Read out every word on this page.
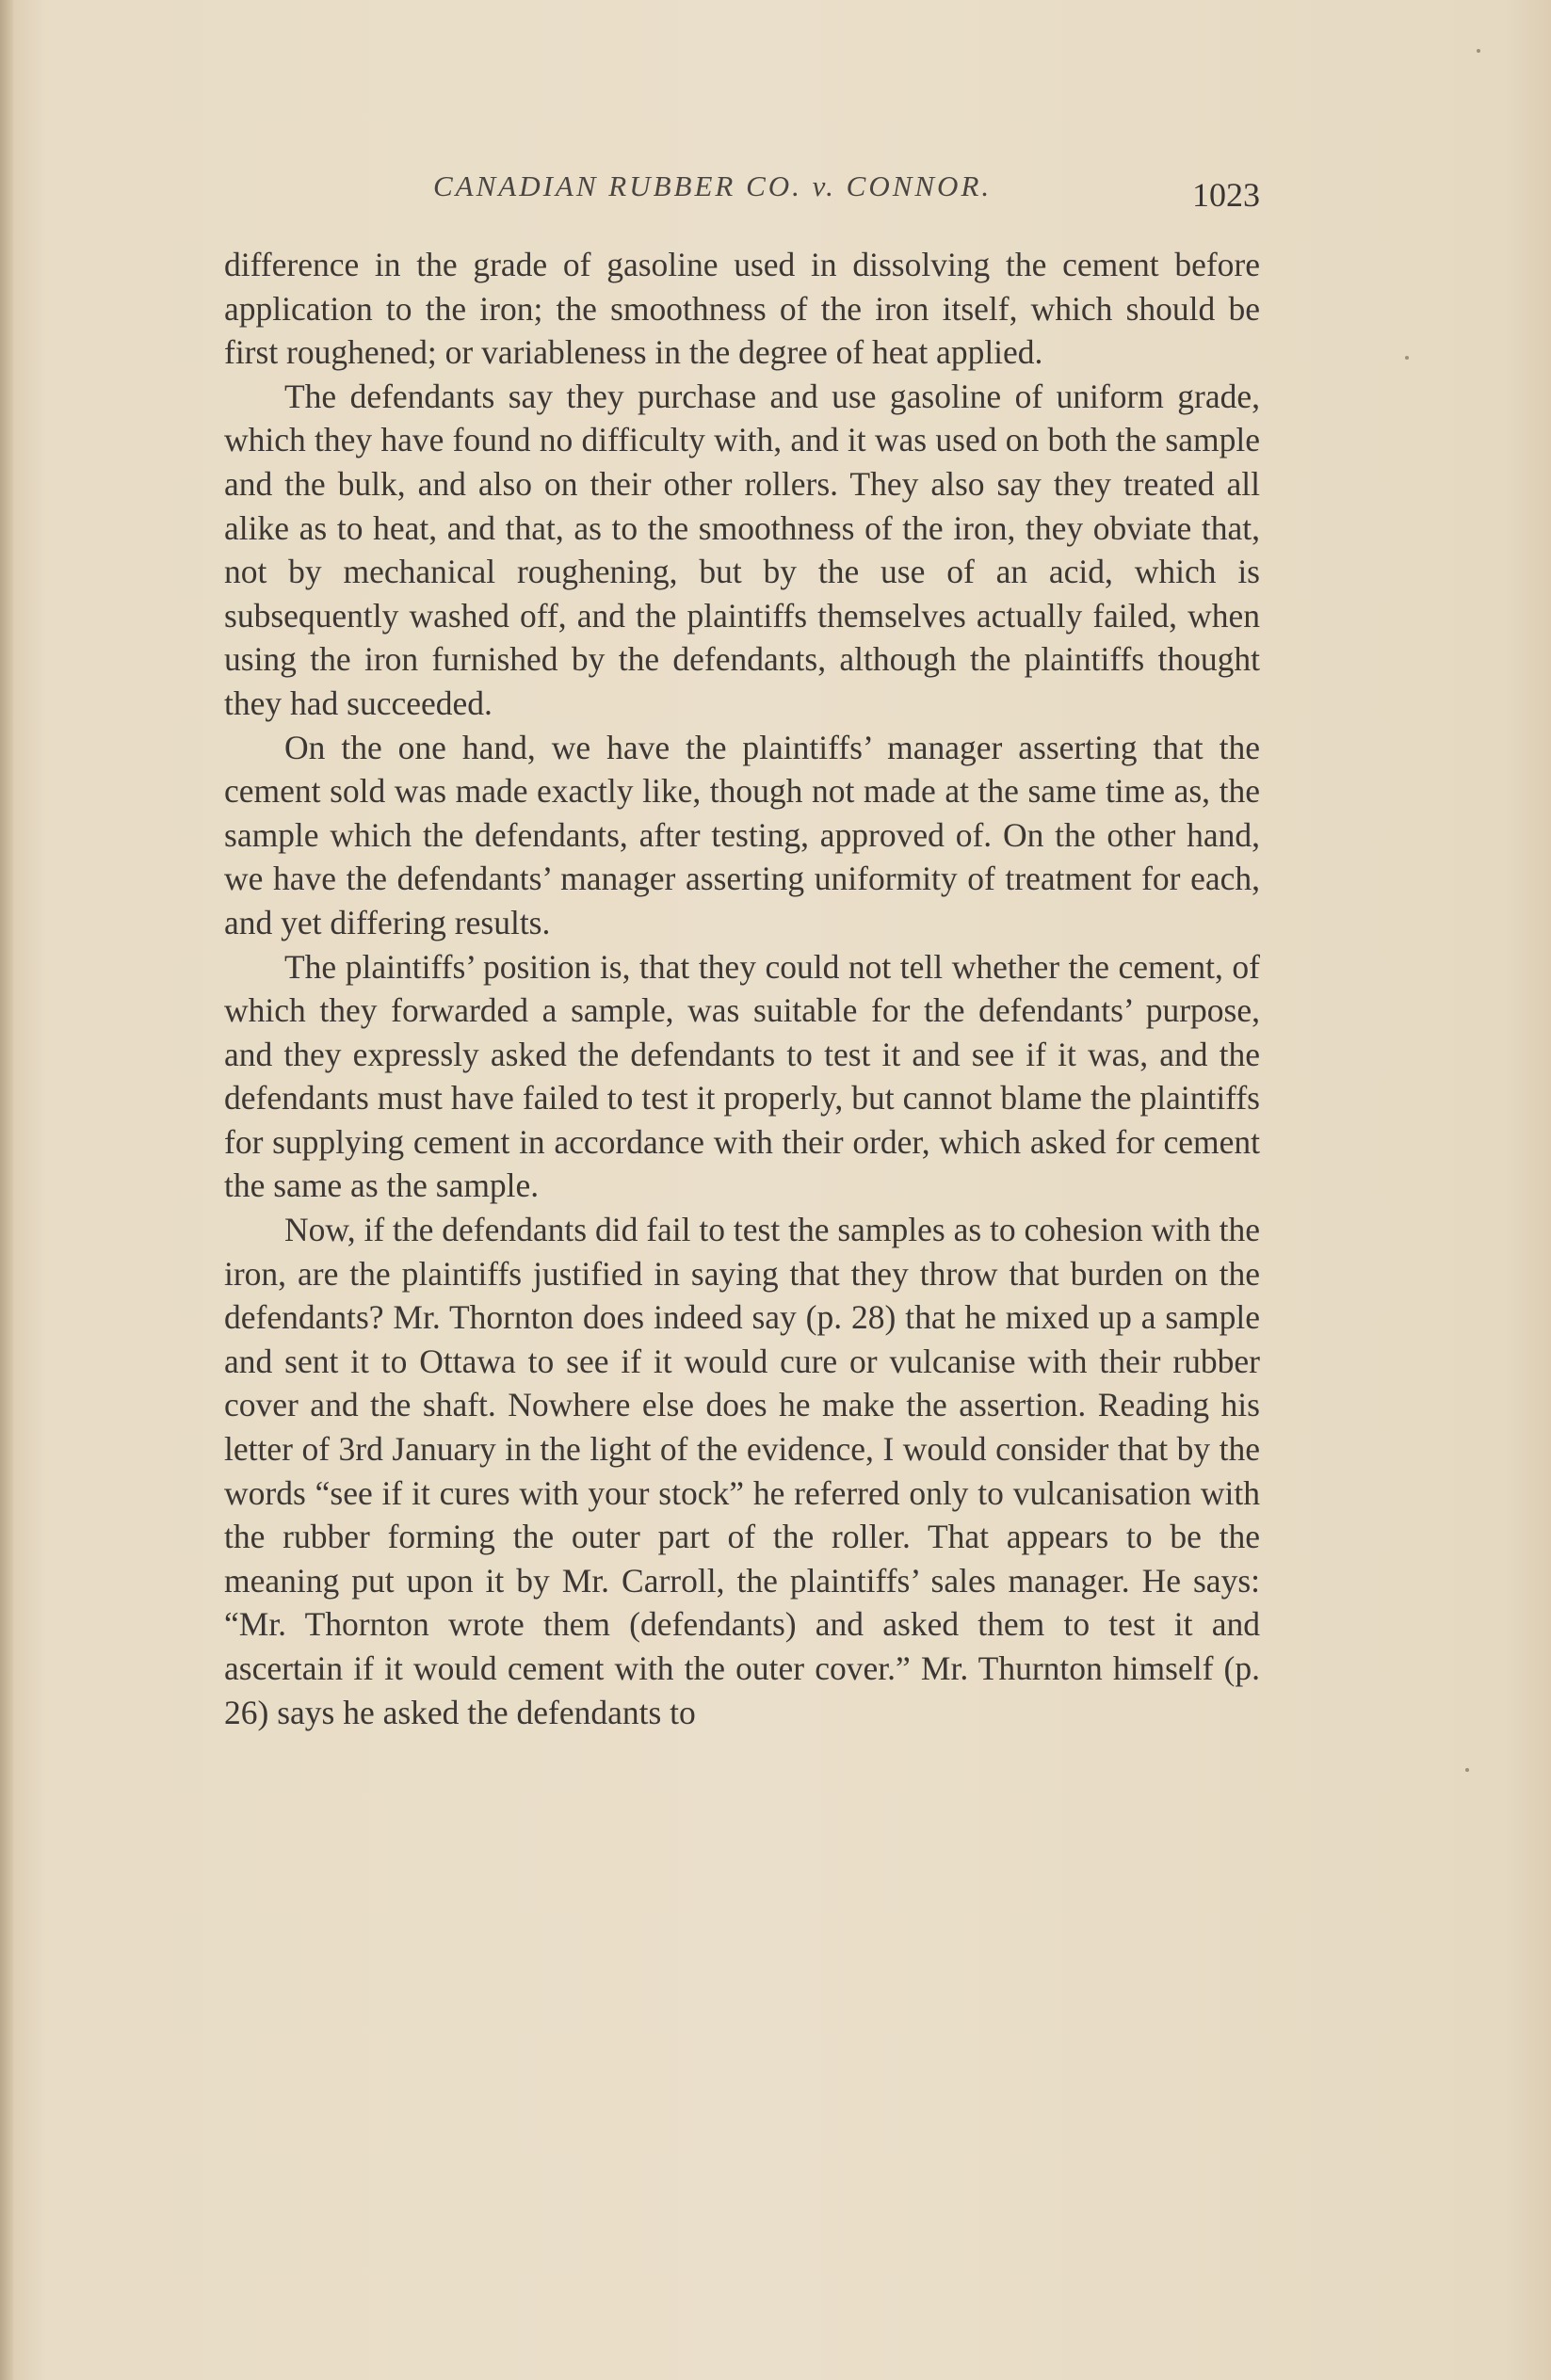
CANADIAN RUBBER CO. v. CONNOR.	1023

difference in the grade of gasoline used in dissolving the cement before application to the iron; the smoothness of the iron itself, which should be first roughened; or variableness in the degree of heat applied.

The defendants say they purchase and use gasoline of uniform grade, which they have found no difficulty with, and it was used on both the sample and the bulk, and also on their other rollers. They also say they treated all alike as to heat, and that, as to the smoothness of the iron, they obviate that, not by mechanical roughening, but by the use of an acid, which is subsequently washed off, and the plaintiffs themselves actually failed, when using the iron furnished by the defendants, although the plaintiffs thought they had succeeded.

On the one hand, we have the plaintiffs’ manager asserting that the cement sold was made exactly like, though not made at the same time as, the sample which the defendants, after testing, approved of. On the other hand, we have the defendants’ manager asserting uniformity of treatment for each, and yet differing results.

The plaintiffs’ position is, that they could not tell whether the cement, of which they forwarded a sample, was suitable for the defendants’ purpose, and they expressly asked the defendants to test it and see if it was, and the defendants must have failed to test it properly, but cannot blame the plaintiffs for supplying cement in accordance with their order, which asked for cement the same as the sample.

Now, if the defendants did fail to test the samples as to cohesion with the iron, are the plaintiffs justified in saying that they throw that burden on the defendants? Mr. Thornton does indeed say (p. 28) that he mixed up a sample and sent it to Ottawa to see if it would cure or vulcanise with their rubber cover and the shaft. Nowhere else does he make the assertion. Reading his letter of 3rd January in the light of the evidence, I would consider that by the words “see if it cures with your stock” he referred only to vulcanisation with the rubber forming the outer part of the roller. That appears to be the meaning put upon it by Mr. Carroll, the plaintiffs’ sales manager. He says: “Mr. Thornton wrote them (defendants) and asked them to test it and ascertain if it would cement with the outer cover.” Mr. Thurnton himself (p. 26) says he asked the defendants to
